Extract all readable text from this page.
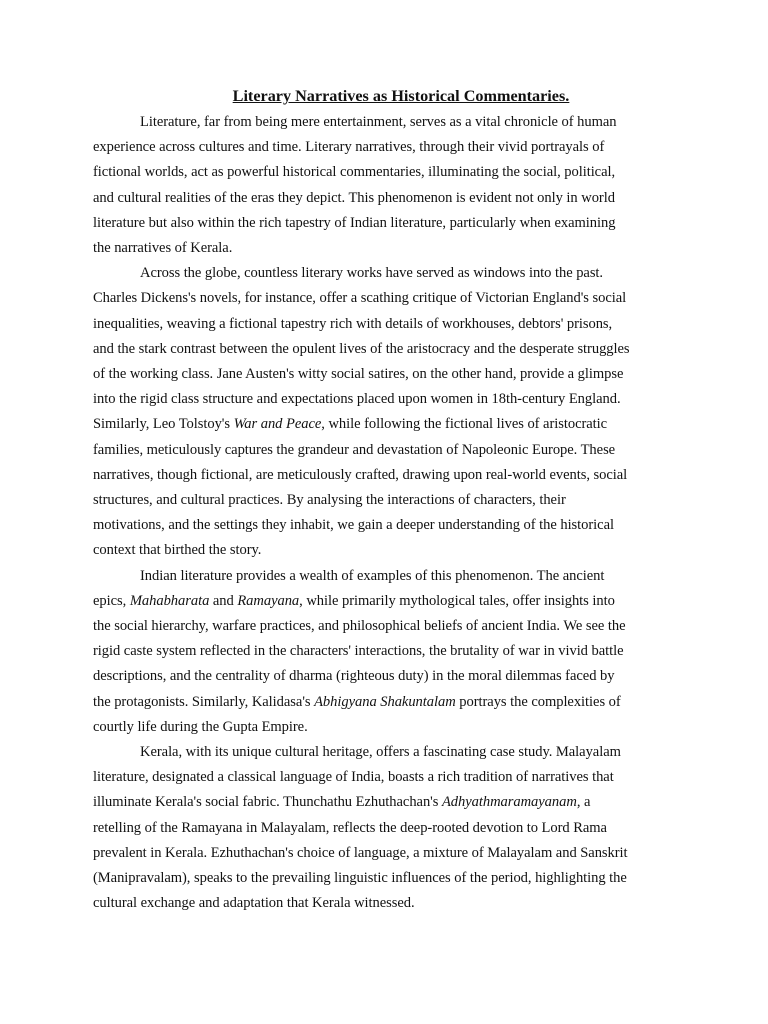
Literary Narratives as Historical Commentaries.

Literature, far from being mere entertainment, serves as a vital chronicle of human
experience across cultures and time. Literary narratives, through their vivid portrayals of
fictional worlds, act as powerful historical commentaries, illuminating the social, political,
and cultural realities of the eras they depict. This phenomenon is evident not only in world
literature but also within the rich tapestry of Indian literature, particularly when examining
the narratives of Kerala.

Across the globe, countless literary works have served as windows into the past.
Charles Dickens's novels, for instance, offer a scathing critique of Victorian England's social
inequalities, weaving a fictional tapestry rich with details of workhouses, debtors' prisons,
and the stark contrast between the opulent lives of the aristocracy and the desperate struggles
of the working class. Jane Austen's witty social satires, on the other hand, provide a glimpse
into the rigid class structure and expectations placed upon women in 18th-century England.
Similarly, Leo Tolstoy's War and Peace, while following the fictional lives of aristocratic
families, meticulously captures the grandeur and devastation of Napoleonic Europe. These
narratives, though fictional, are meticulously crafted, drawing upon real-world events, social
structures, and cultural practices. By analysing the interactions of characters, their
motivations, and the settings they inhabit, we gain a deeper understanding of the historical
context that birthed the story.

Indian literature provides a wealth of examples of this phenomenon. The ancient
epics, Mahabharata and Ramayana, while primarily mythological tales, offer insights into
the social hierarchy, warfare practices, and philosophical beliefs of ancient India. We see the
rigid caste system reflected in the characters' interactions, the brutality of war in vivid battle
descriptions, and the centrality of dharma (righteous duty) in the moral dilemmas faced by
the protagonists. Similarly, Kalidasa's Abhigyana Shakuntalam portrays the complexities of
courtly life during the Gupta Empire.

Kerala, with its unique cultural heritage, offers a fascinating case study. Malayalam
literature, designated a classical language of India, boasts a rich tradition of narratives that
illuminate Kerala's social fabric. Thunchathu Ezhuthachan's Adhyathmaramayanam, a
retelling of the Ramayana in Malayalam, reflects the deep-rooted devotion to Lord Rama
prevalent in Kerala. Ezhuthachan's choice of language, a mixture of Malayalam and Sanskrit
(Manipravalam), speaks to the prevailing linguistic influences of the period, highlighting the
cultural exchange and adaptation that Kerala witnessed.
